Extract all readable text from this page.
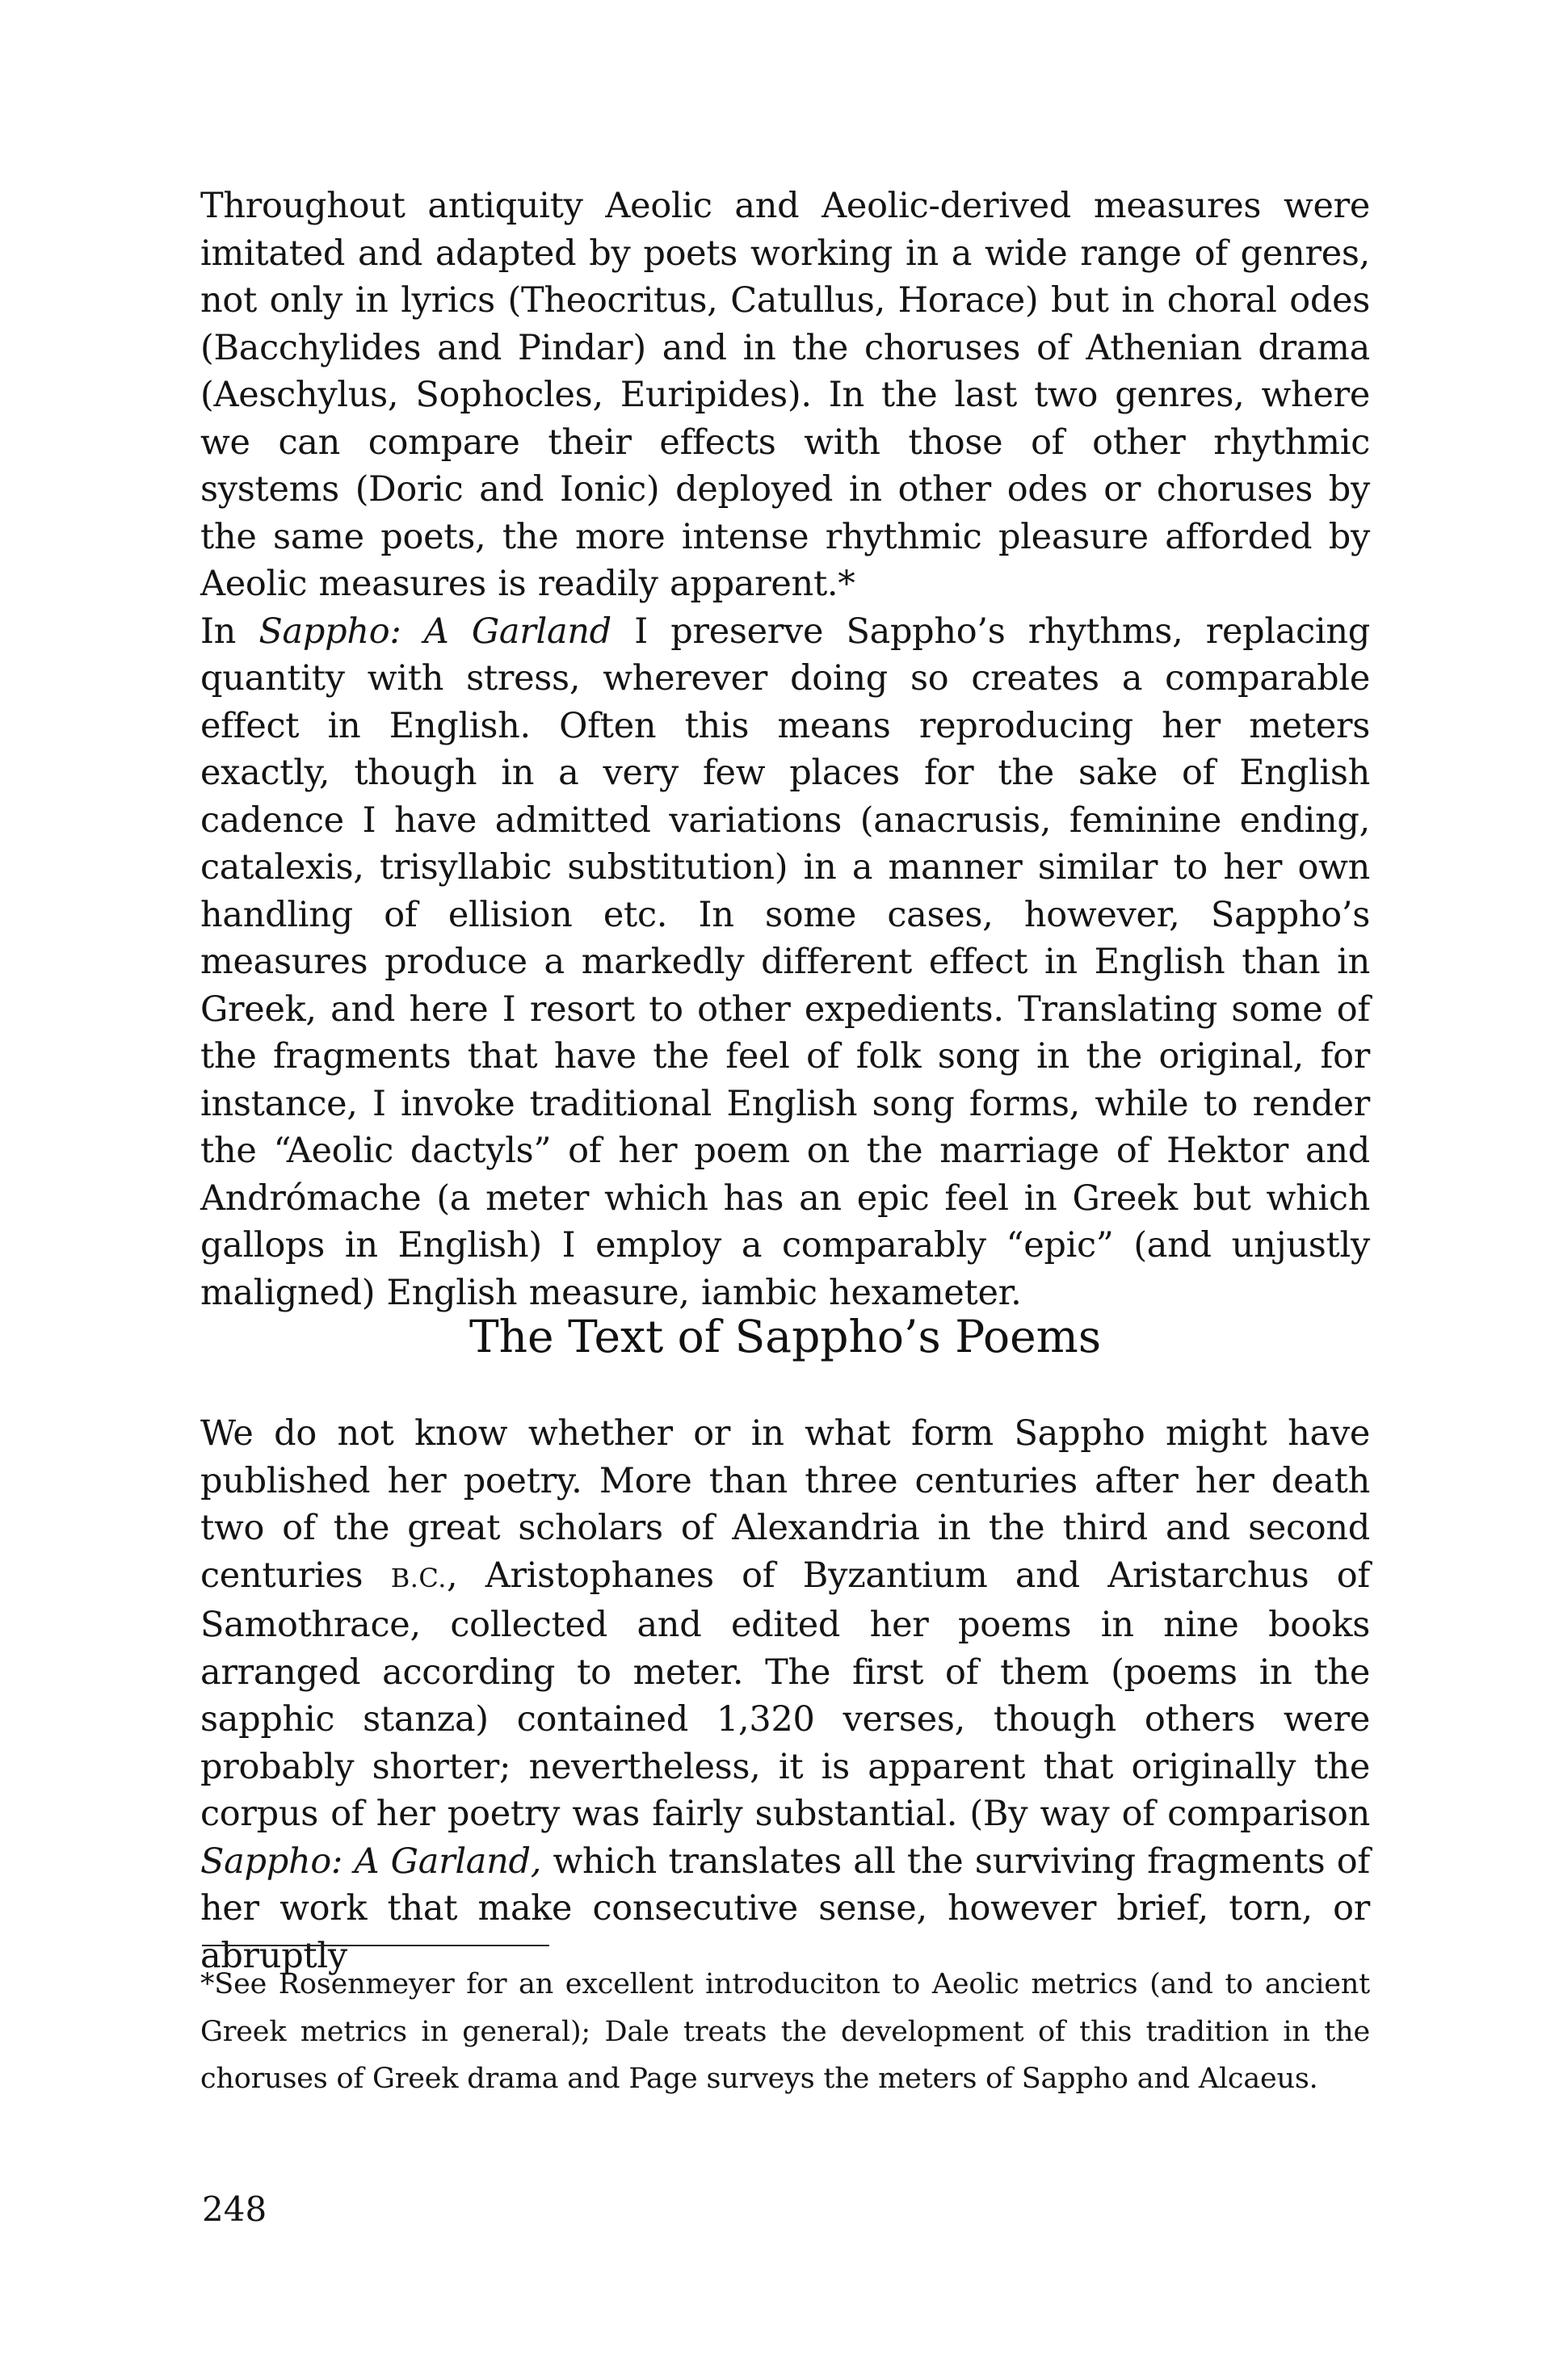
Throughout antiquity Aeolic and Aeolic-derived measures were imitated and adapted by poets working in a wide range of genres, not only in lyrics (Theocritus, Catullus, Horace) but in choral odes (Bacchylides and Pindar) and in the choruses of Athenian drama (Aeschylus, Sophocles, Euripides). In the last two genres, where we can compare their effects with those of other rhythmic systems (Doric and Ionic) deployed in other odes or choruses by the same poets, the more intense rhythmic pleasure afforded by Aeolic measures is readily apparent.*

In Sappho: A Garland I preserve Sappho’s rhythms, replacing quantity with stress, wherever doing so creates a comparable effect in English. Often this means reproducing her meters exactly, though in a very few places for the sake of English cadence I have admitted variations (anacrusis, feminine ending, catalexis, trisyllabic substitution) in a manner similar to her own handling of ellision etc. In some cases, however, Sappho’s measures produce a markedly different effect in English than in Greek, and here I resort to other expedients. Translating some of the fragments that have the feel of folk song in the original, for instance, I invoke traditional English song forms, while to render the “Aeolic dactyls” of her poem on the marriage of Hektor and Andrómache (a meter which has an epic feel in Greek but which gallops in English) I employ a comparably “epic” (and unjustly maligned) English measure, iambic hexameter.

The Text of Sappho’s Poems

We do not know whether or in what form Sappho might have published her poetry. More than three centuries after her death two of the great scholars of Alexandria in the third and second centuries B.C., Aristophanes of Byzantium and Aristarchus of Samothrace, collected and edited her poems in nine books arranged according to meter. The first of them (poems in the sapphic stanza) contained 1,320 verses, though others were probably shorter; nevertheless, it is apparent that originally the corpus of her poetry was fairly substantial. (By way of comparison Sappho: A Garland, which translates all the surviving fragments of her work that make consecutive sense, however brief, torn, or abruptly

*See Rosenmeyer for an excellent introduciton to Aeolic metrics (and to ancient Greek metrics in general); Dale treats the development of this tradition in the choruses of Greek drama and Page surveys the meters of Sappho and Alcaeus.
248
